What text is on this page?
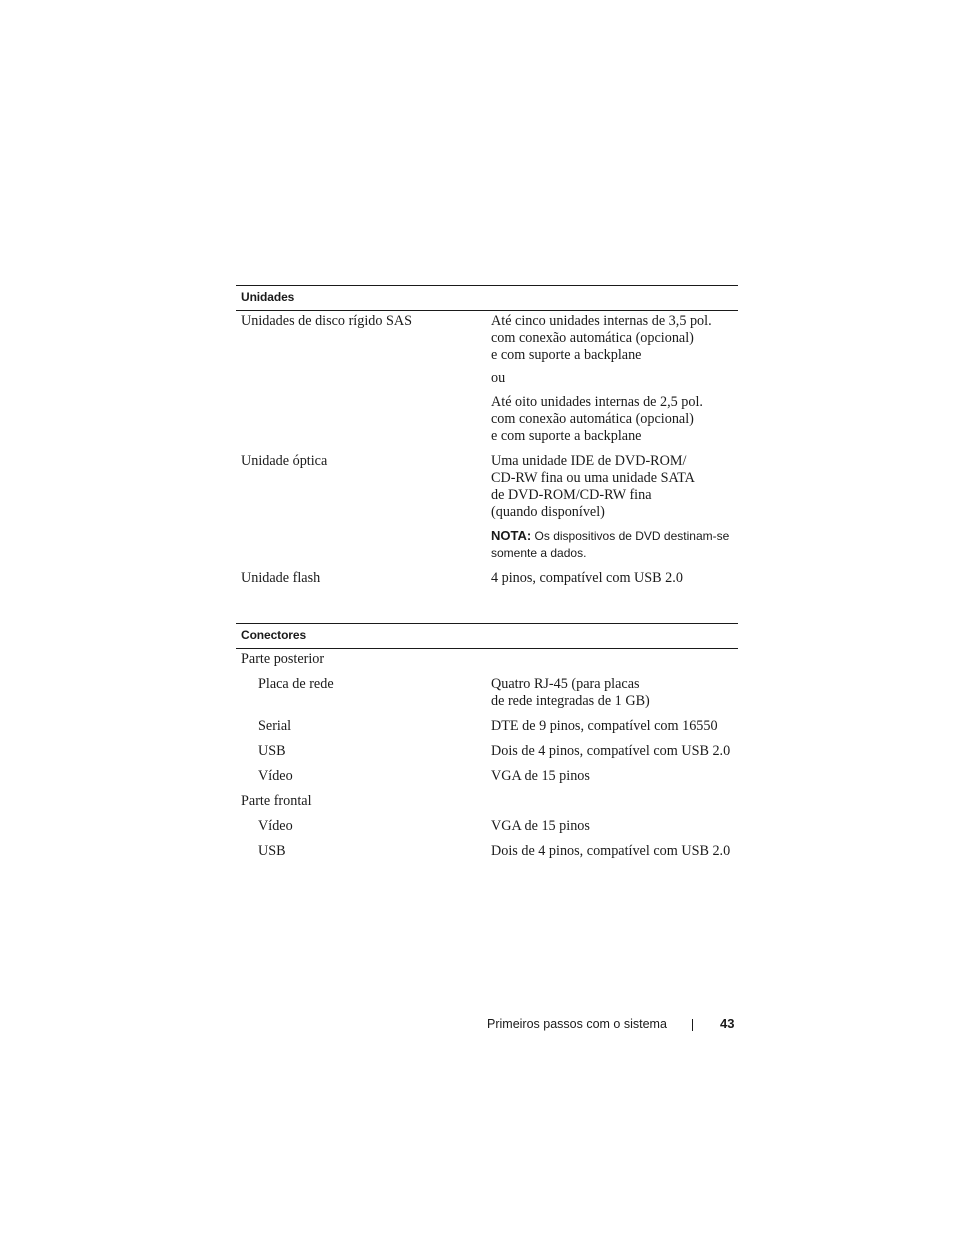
Unidades
Unidades de disco rígido SAS	Até cinco unidades internas de 3,5 pol.
com conexão automática (opcional)
e com suporte a backplane
ou
Até oito unidades internas de 2,5 pol.
com conexão automática (opcional)
e com suporte a backplane
Unidade óptica	Uma unidade IDE de DVD-ROM/
CD-RW fina ou uma unidade SATA
de DVD-ROM/CD-RW fina
(quando disponível)
NOTA: Os dispositivos de DVD destinam-se
somente a dados.
Unidade flash	4 pinos, compatível com USB 2.0
Conectores
Parte posterior
Placa de rede	Quatro RJ-45 (para placas
de rede integradas de 1 GB)
Serial	DTE de 9 pinos, compatível com 16550
USB	Dois de 4 pinos, compatível com USB 2.0
Vídeo	VGA de 15 pinos
Parte frontal
Vídeo	VGA de 15 pinos
USB	Dois de 4 pinos, compatível com USB 2.0
Primeiros passos com o sistema	43
